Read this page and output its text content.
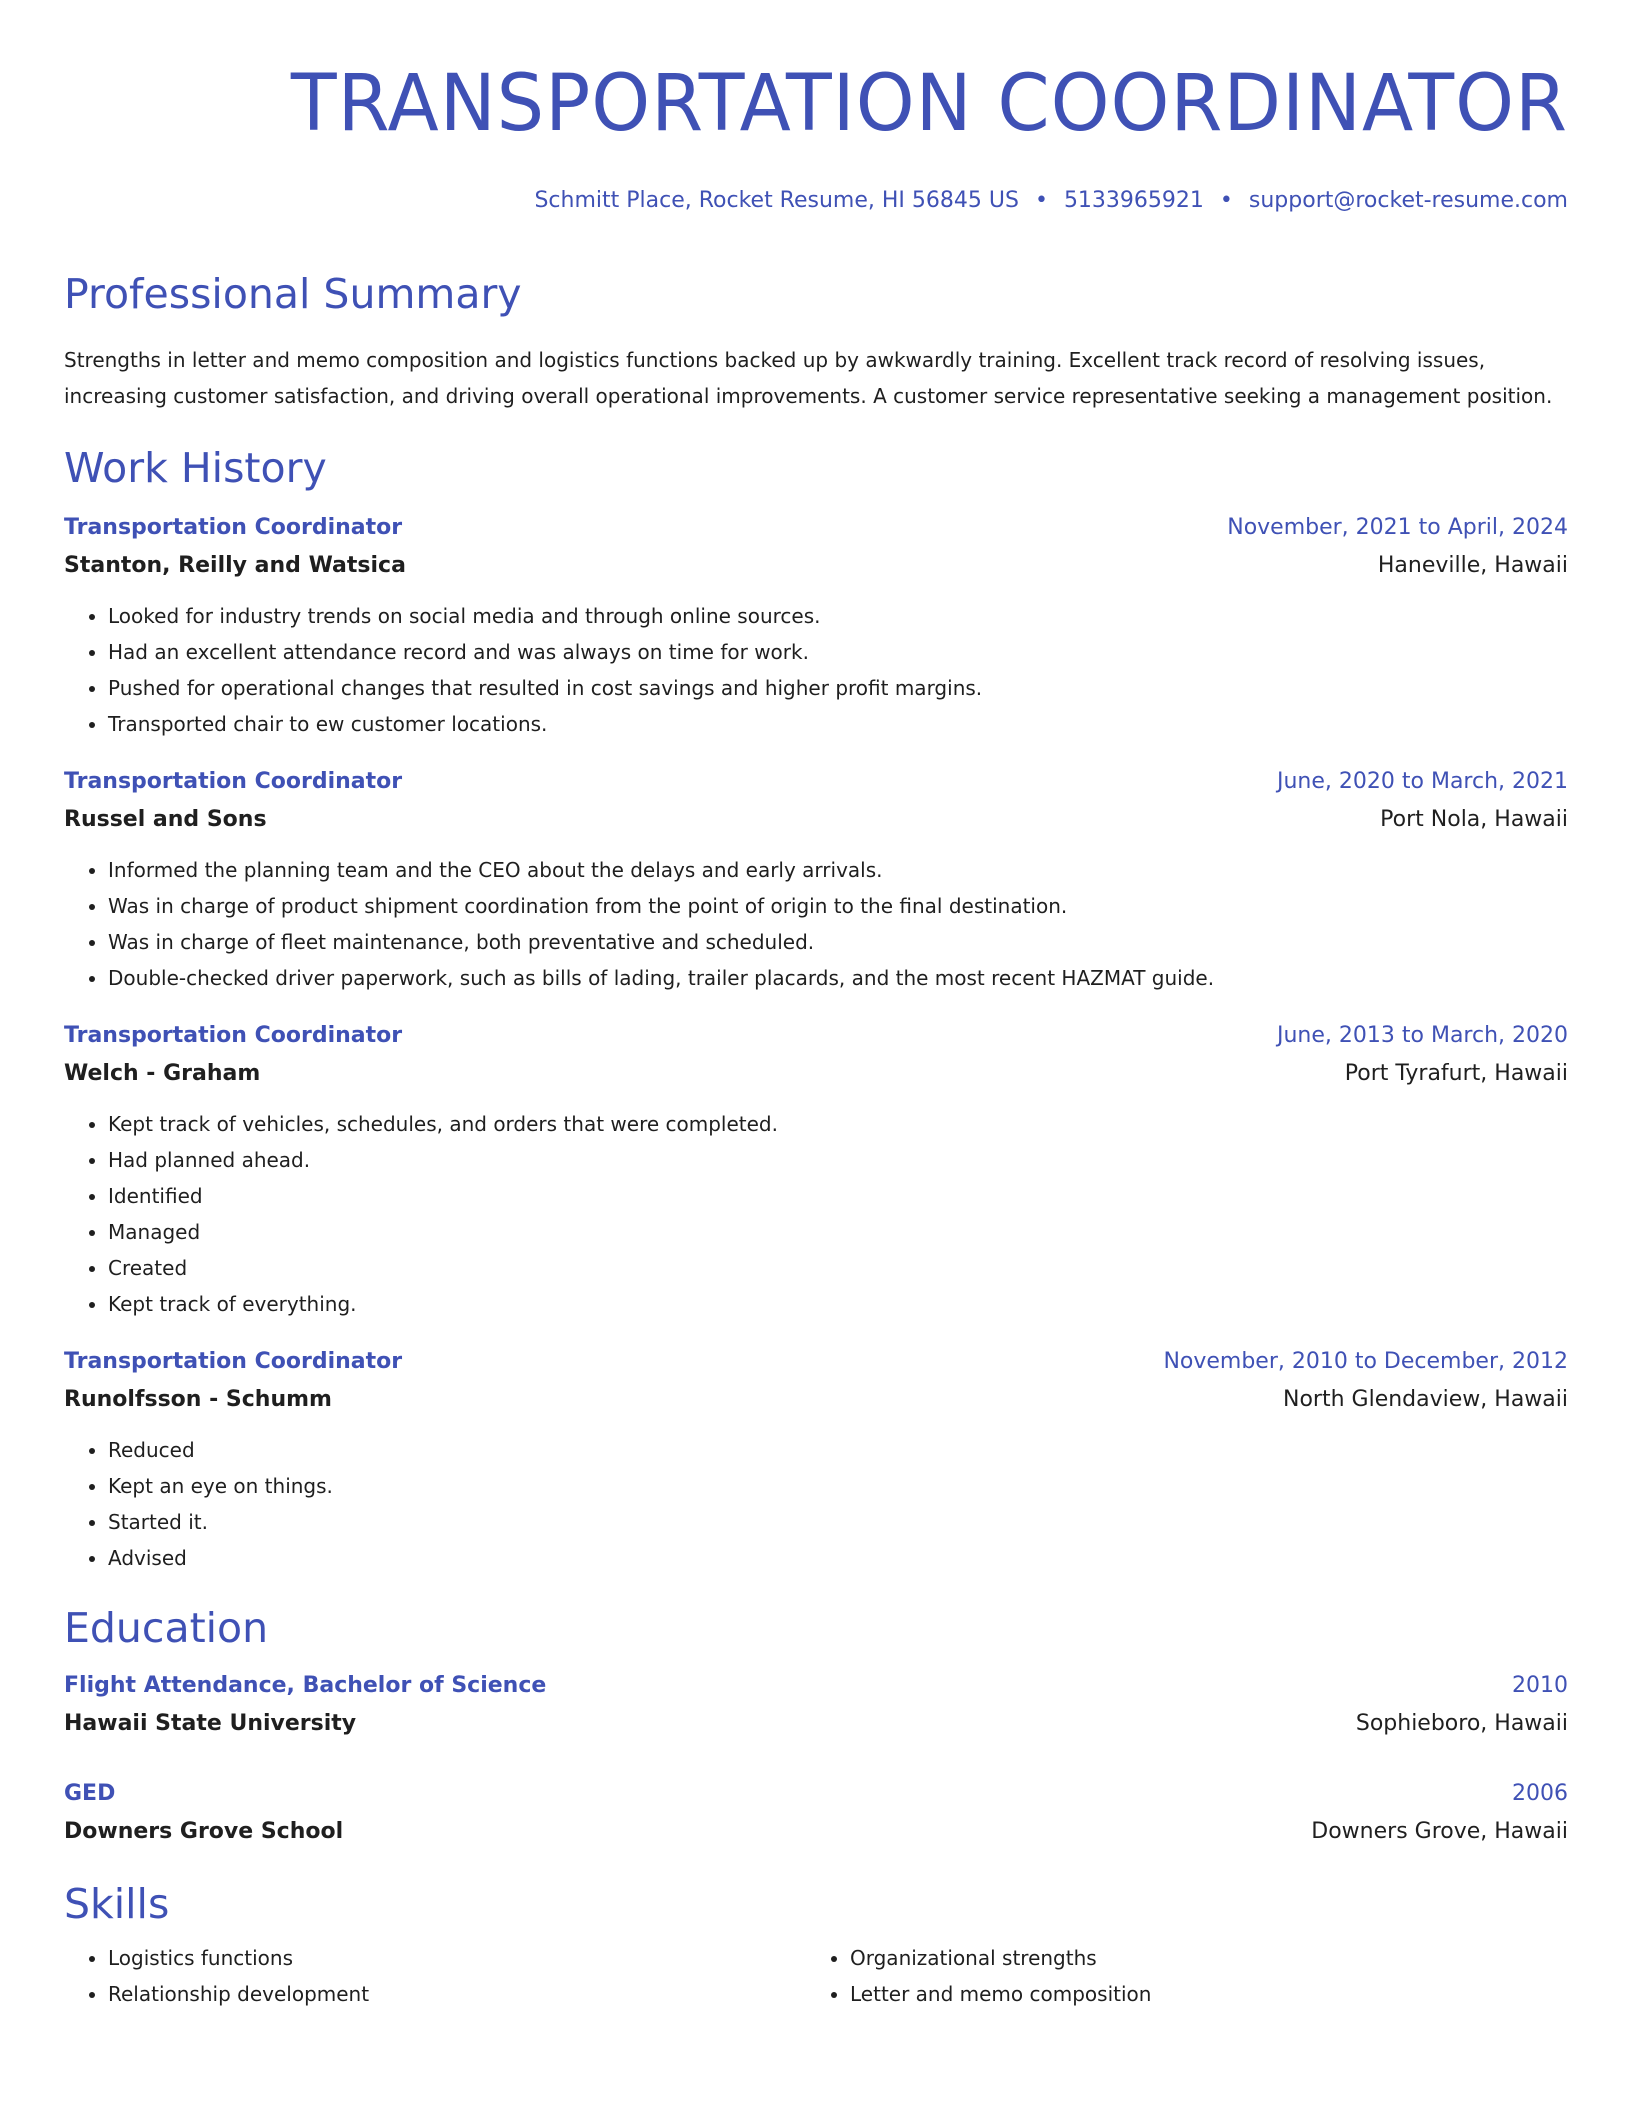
TRANSPORTATION COORDINATOR
Schmitt Place, Rocket Resume, HI 56845 US • 5133965921 • support@rocket-resume.com
Professional Summary
Strengths in letter and memo composition and logistics functions backed up by awkwardly training. Excellent track record of resolving issues, increasing customer satisfaction, and driving overall operational improvements. A customer service representative seeking a management position.
Work History
Transportation Coordinator	November, 2021 to April, 2024
Stanton, Reilly and Watsica	Haneville, Hawaii
• Looked for industry trends on social media and through online sources.
• Had an excellent attendance record and was always on time for work.
• Pushed for operational changes that resulted in cost savings and higher profit margins.
• Transported chair to ew customer locations.
Transportation Coordinator	June, 2020 to March, 2021
Russel and Sons	Port Nola, Hawaii
• Informed the planning team and the CEO about the delays and early arrivals.
• Was in charge of product shipment coordination from the point of origin to the final destination.
• Was in charge of fleet maintenance, both preventative and scheduled.
• Double-checked driver paperwork, such as bills of lading, trailer placards, and the most recent HAZMAT guide.
Transportation Coordinator	June, 2013 to March, 2020
Welch - Graham	Port Tyrafurt, Hawaii
• Kept track of vehicles, schedules, and orders that were completed.
• Had planned ahead.
• Identified
• Managed
• Created
• Kept track of everything.
Transportation Coordinator	November, 2010 to December, 2012
Runolfsson - Schumm	North Glendaview, Hawaii
• Reduced
• Kept an eye on things.
• Started it.
• Advised
Education
Flight Attendance, Bachelor of Science	2010
Hawaii State University	Sophieboro, Hawaii
GED	2006
Downers Grove School	Downers Grove, Hawaii
Skills
• Logistics functions
• Relationship development
• Organizational strengths
• Letter and memo composition
